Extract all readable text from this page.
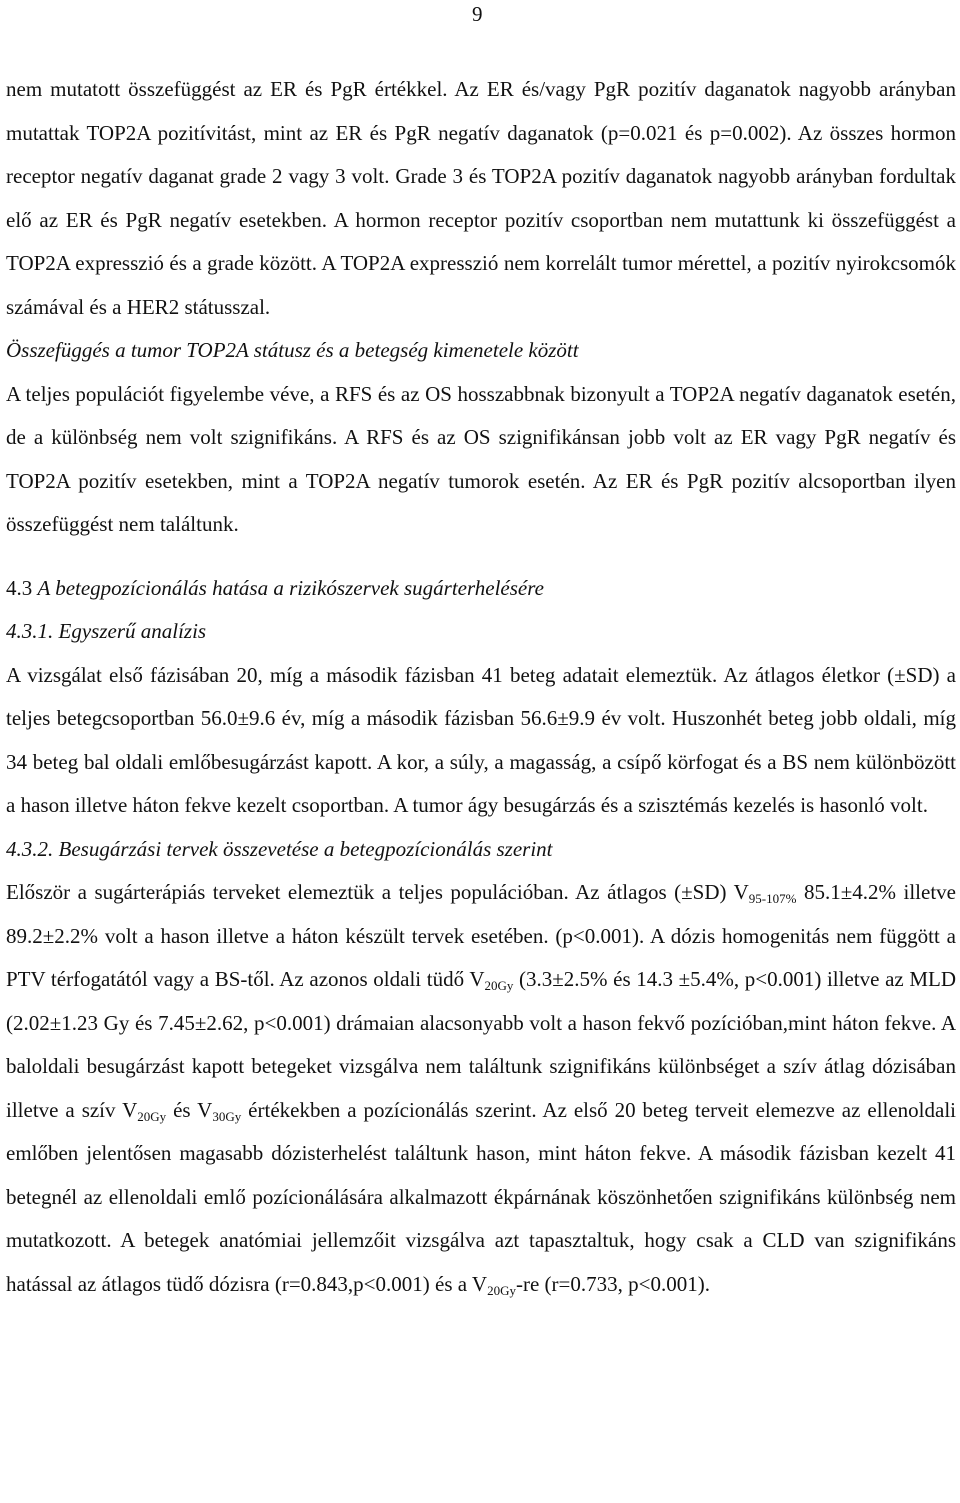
9

nem mutatott összefüggést az ER és PgR értékkel. Az ER és/vagy PgR pozitív daganatok nagyobb arányban mutattak TOP2A pozitívitást, mint az ER és PgR negatív daganatok (p=0.021 és p=0.002). Az összes hormon receptor negatív daganat grade 2 vagy 3 volt. Grade 3 és TOP2A pozitív daganatok nagyobb arányban fordultak elő az ER és PgR negatív esetekben. A hormon receptor pozitív csoportban nem mutattunk ki összefüggést a TOP2A expresszió és a grade között. A TOP2A expresszió nem korrelált tumor mérettel, a pozitív nyirokcsomók számával és a HER2 státusszal.

Összefüggés a tumor TOP2A státusz és a betegség kimenetele között

A teljes populációt figyelembe véve, a RFS és az OS hosszabbnak bizonyult a TOP2A negatív daganatok esetén, de a különbség nem volt szignifikáns. A RFS és az OS szignifikánsan jobb volt az ER vagy PgR negatív és TOP2A pozitív esetekben, mint a TOP2A negatív tumorok esetén. Az ER és PgR pozitív alcsoportban ilyen összefüggést nem találtunk.

4.3 A betegpozícionálás hatása a rizikószervek sugárterhelésére

4.3.1. Egyszerű analízis

A vizsgálat első fázisában 20, míg a második fázisban 41 beteg adatait elemeztük. Az átlagos életkor (±SD) a teljes betegcsoportban 56.0±9.6 év, míg a második fázisban 56.6±9.9 év volt. Huszonhét beteg jobb oldali, míg 34 beteg bal oldali emlőbesugárzást kapott. A kor, a súly, a magasság, a csípő körfogat és a BS nem különbözött a hason illetve háton fekve kezelt csoportban. A tumor ágy besugárzás és a szisztémás kezelés is hasonló volt.

4.3.2. Besugárzási tervek összevetése a betegpozícionálás szerint

Először a sugárterápiás terveket elemeztük a teljes populációban. Az átlagos (±SD) $V_{95-107\%}$ 85.1±4.2% illetve 89.2±2.2% volt a hason illetve a háton készült tervek esetében. (p<0.001). A dózis homogenitás nem függött a PTV térfogatától vagy a BS-től. Az azonos oldali tüdő $V_{20Gy}$ (3.3±2.5% és 14.3 ±5.4%, p<0.001) illetve az MLD (2.02±1.23 Gy és 7.45±2.62, p<0.001) drámaian alacsonyabb volt a hason fekvő pozícióban,mint háton fekve. A baloldali besugárzást kapott betegeket vizsgálva nem találtunk szignifikáns különbséget a szív átlag dózisában illetve a szív $V_{20Gy}$ és $V_{30Gy}$ értékekben a pozícionálás szerint. Az első 20 beteg terveit elemezve az ellenoldali emlőben jelentősen magasabb dózisterhelést találtunk hason, mint háton fekve. A második fázisban kezelt 41 betegnél az ellenoldali emlő pozícionálására alkalmazott ékpárnának köszönhetően szignifikáns különbség nem mutatkozott. A betegek anatómiai jellemzőit vizsgálva azt tapasztaltuk, hogy csak a CLD van szignifikáns hatással az átlagos tüdő dózisra (r=0.843,p<0.001) és a $V_{20Gy}-re$ (r=0.733, p<0.001).
